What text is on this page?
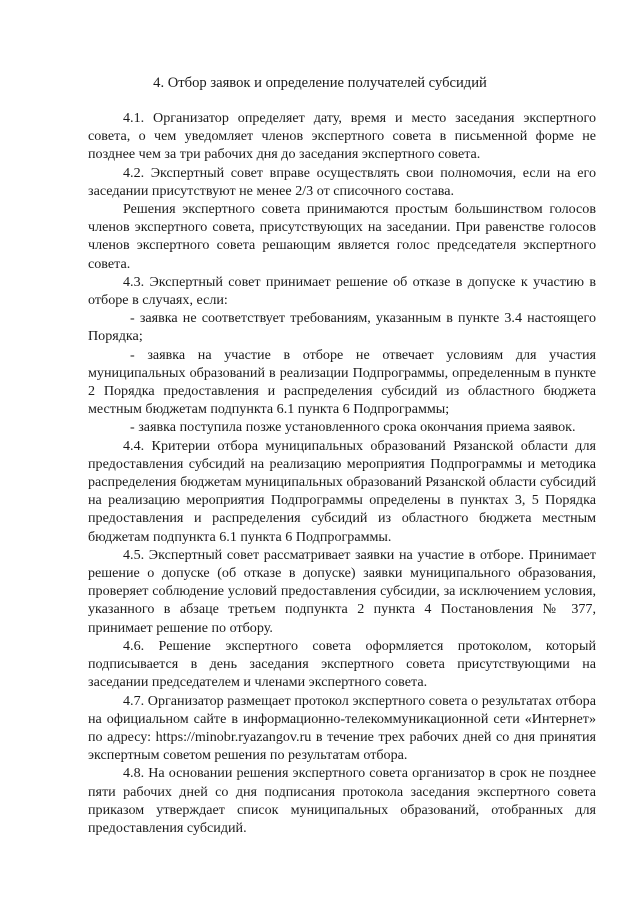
4. Отбор заявок и определение получателей субсидий

4.1. Организатор определяет дату, время и место заседания экспертного совета, о чем уведомляет членов экспертного совета в письменной форме не позднее чем за три рабочих дня до заседания экспертного совета.

4.2. Экспертный совет вправе осуществлять свои полномочия, если на его заседании присутствуют не менее 2/3 от списочного состава.

Решения экспертного совета принимаются простым большинством голосов членов экспертного совета, присутствующих на заседании. При равенстве голосов членов экспертного совета решающим является голос председателя экспертного совета.

4.3. Экспертный совет принимает решение об отказе в допуске к участию в отборе в случаях, если:

- заявка не соответствует требованиям, указанным в пункте 3.4 настоящего Порядка;

- заявка на участие в отборе не отвечает условиям для участия муниципальных образований в реализации Подпрограммы, определенным в пункте 2 Порядка предоставления и распределения субсидий из областного бюджета местным бюджетам подпункта 6.1 пункта 6 Подпрограммы;

- заявка поступила позже установленного срока окончания приема заявок.

4.4. Критерии отбора муниципальных образований Рязанской области для предоставления субсидий на реализацию мероприятия Подпрограммы и методика распределения бюджетам муниципальных образований Рязанской области субсидий на реализацию мероприятия Подпрограммы определены в пунктах 3, 5 Порядка предоставления и распределения субсидий из областного бюджета местным бюджетам подпункта 6.1 пункта 6 Подпрограммы.

4.5. Экспертный совет рассматривает заявки на участие в отборе. Принимает решение о допуске (об отказе в допуске) заявки муниципального образования, проверяет соблюдение условий предоставления субсидии, за исключением условия, указанного в абзаце третьем подпункта 2 пункта 4 Постановления № 377, принимает решение по отбору.

4.6. Решение экспертного совета оформляется протоколом, который подписывается в день заседания экспертного совета присутствующими на заседании председателем и членами экспертного совета.

4.7. Организатор размещает протокол экспертного совета о результатах отбора на официальном сайте в информационно-телекоммуникационной сети «Интернет» по адресу: https://minobr.ryazangov.ru в течение трех рабочих дней со дня принятия экспертным советом решения по результатам отбора.

4.8. На основании решения экспертного совета организатор в срок не позднее пяти рабочих дней со дня подписания протокола заседания экспертного совета приказом утверждает список муниципальных образований, отобранных для предоставления субсидий.
